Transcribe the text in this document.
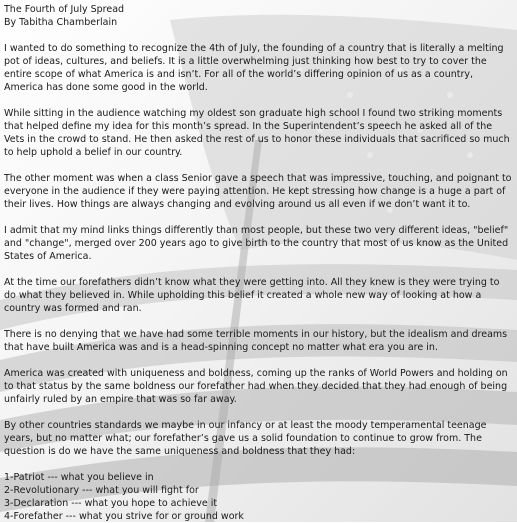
The Fourth of July Spread
By Tabitha Chamberlain

I wanted to do something to recognize the 4th of July, the founding of a country that is literally a melting pot of ideas, cultures, and beliefs. It is a little overwhelming just thinking how best to try to cover the entire scope of what America is and isn’t. For all of the world’s differing opinion of us as a country, America has done some good in the world.

While sitting in the audience watching my oldest son graduate high school I found two striking moments that helped define my idea for this month’s spread. In the Superintendent’s speech he asked all of the Vets in the crowd to stand. He then asked the rest of us to honor these individuals that sacrificed so much to help uphold a belief in our country.

The other moment was when a class Senior gave a speech that was impressive, touching, and poignant to everyone in the audience if they were paying attention. He kept stressing how change is a huge a part of their lives. How things are always changing and evolving around us all even if we don’t want it to.

I admit that my mind links things differently than most people, but these two very different ideas, "belief" and "change", merged over 200 years ago to give birth to the country that most of us know as the United States of America.

At the time our forefathers didn’t know what they were getting into. All they knew is they were trying to do what they believed in. While upholding this belief it created a whole new way of looking at how a country was formed and ran.

There is no denying that we have had some terrible moments in our history, but the idealism and dreams that have built America was and is a head-spinning concept no matter what era you are in.

America was created with uniqueness and boldness, coming up the ranks of World Powers and holding on to that status by the same boldness our forefather had when they decided that they had enough of being unfairly ruled by an empire that was so far away.

By other countries standards we maybe in our infancy or at least the moody temperamental teenage years, but no matter what; our forefather’s gave us a solid foundation to continue to grow from. The question is do we have the same uniqueness and boldness that they had:

1-Patriot --- what you believe in
2-Revolutionary --- what you will fight for
3-Declaration --- what you hope to achieve it
4-Forefather --- what you strive for or ground work
